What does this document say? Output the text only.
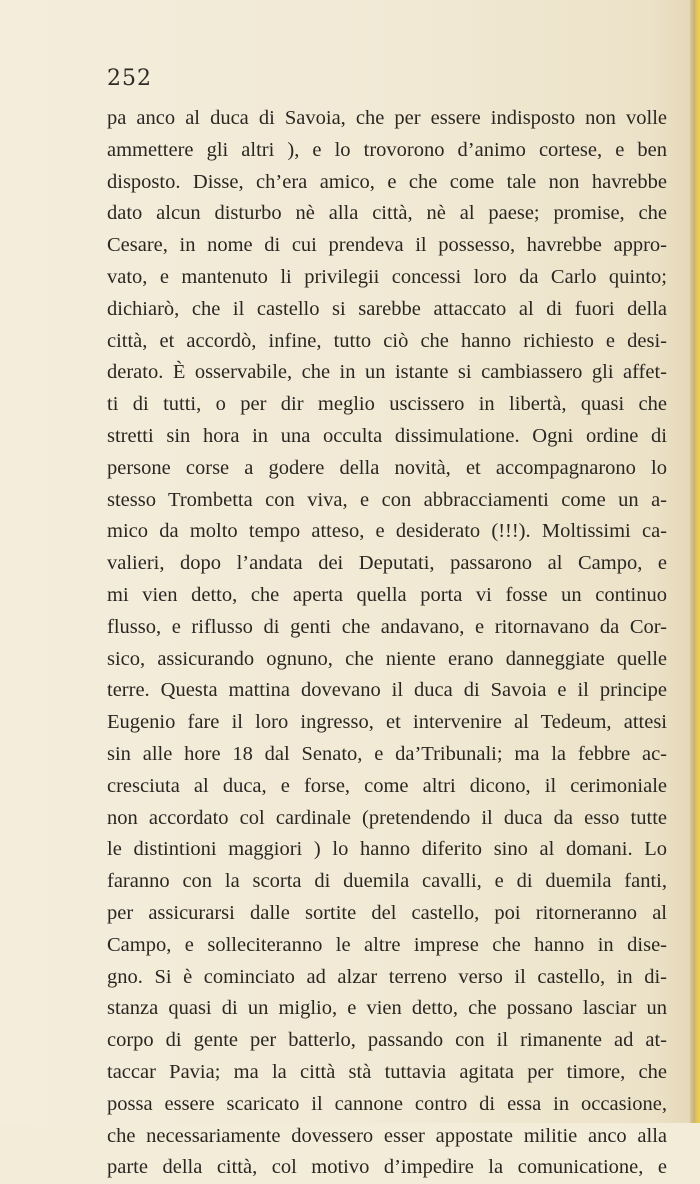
252
pa anco al duca di Savoia, che per essere indisposto non volle
ammettere gli altri ), e lo trovorono d’animo cortese, e ben
disposto. Disse, ch’era amico, e che come tale non havrebbe
dato alcun disturbo nè alla città, nè al paese; promise, che
Cesare, in nome di cui prendeva il possesso, havrebbe appro-
vato, e mantenuto li privilegii concessi loro da Carlo quinto;
dichiarò, che il castello si sarebbe attaccato al di fuori della
città, et accordò, infine, tutto ciò che hanno richiesto e desi-
derato. È osservabile, che in un istante si cambiassero gli affet-
ti di tutti, o per dir meglio uscissero in libertà, quasi che
stretti sin hora in una occulta dissimulatione. Ogni ordine di
persone corse a godere della novità, et accompagnarono lo
stesso Trombetta con viva, e con abbracciamenti come un a-
mico da molto tempo atteso, e desiderato (!!!). Moltissimi ca-
valieri, dopo l’andata dei Deputati, passarono al Campo, e
mi vien detto, che aperta quella porta vi fosse un continuo
flusso, e riflusso di genti che andavano, e ritornavano da Cor-
sico, assicurando ognuno, che niente erano danneggiate quelle
terre. Questa mattina dovevano il duca di Savoia e il principe
Eugenio fare il loro ingresso, et intervenire al Tedeum, attesi
sin alle hore 18 dal Senato, e da’Tribunali; ma la febbre ac-
cresciuta al duca, e forse, come altri dicono, il cerimoniale
non accordato col cardinale (pretendendo il duca da esso tutte
le distintioni maggiori ) lo hanno diferito sino al domani. Lo
faranno con la scorta di duemila cavalli, e di duemila fanti,
per assicurarsi dalle sortite del castello, poi ritorneranno al
Campo, e solleciteranno le altre imprese che hanno in dise-
gno. Si è cominciato ad alzar terreno verso il castello, in di-
stanza quasi di un miglio, e vien detto, che possano lasciar un
corpo di gente per batterlo, passando con il rimanente ad at-
taccar Pavia; ma la città stà tuttavia agitata per timore, che
possa essere scaricato il cannone contro di essa in occasione,
che necessariamente dovessero esser appostate militie anco alla
parte della città, col motivo d’impedire la comunicatione, e
